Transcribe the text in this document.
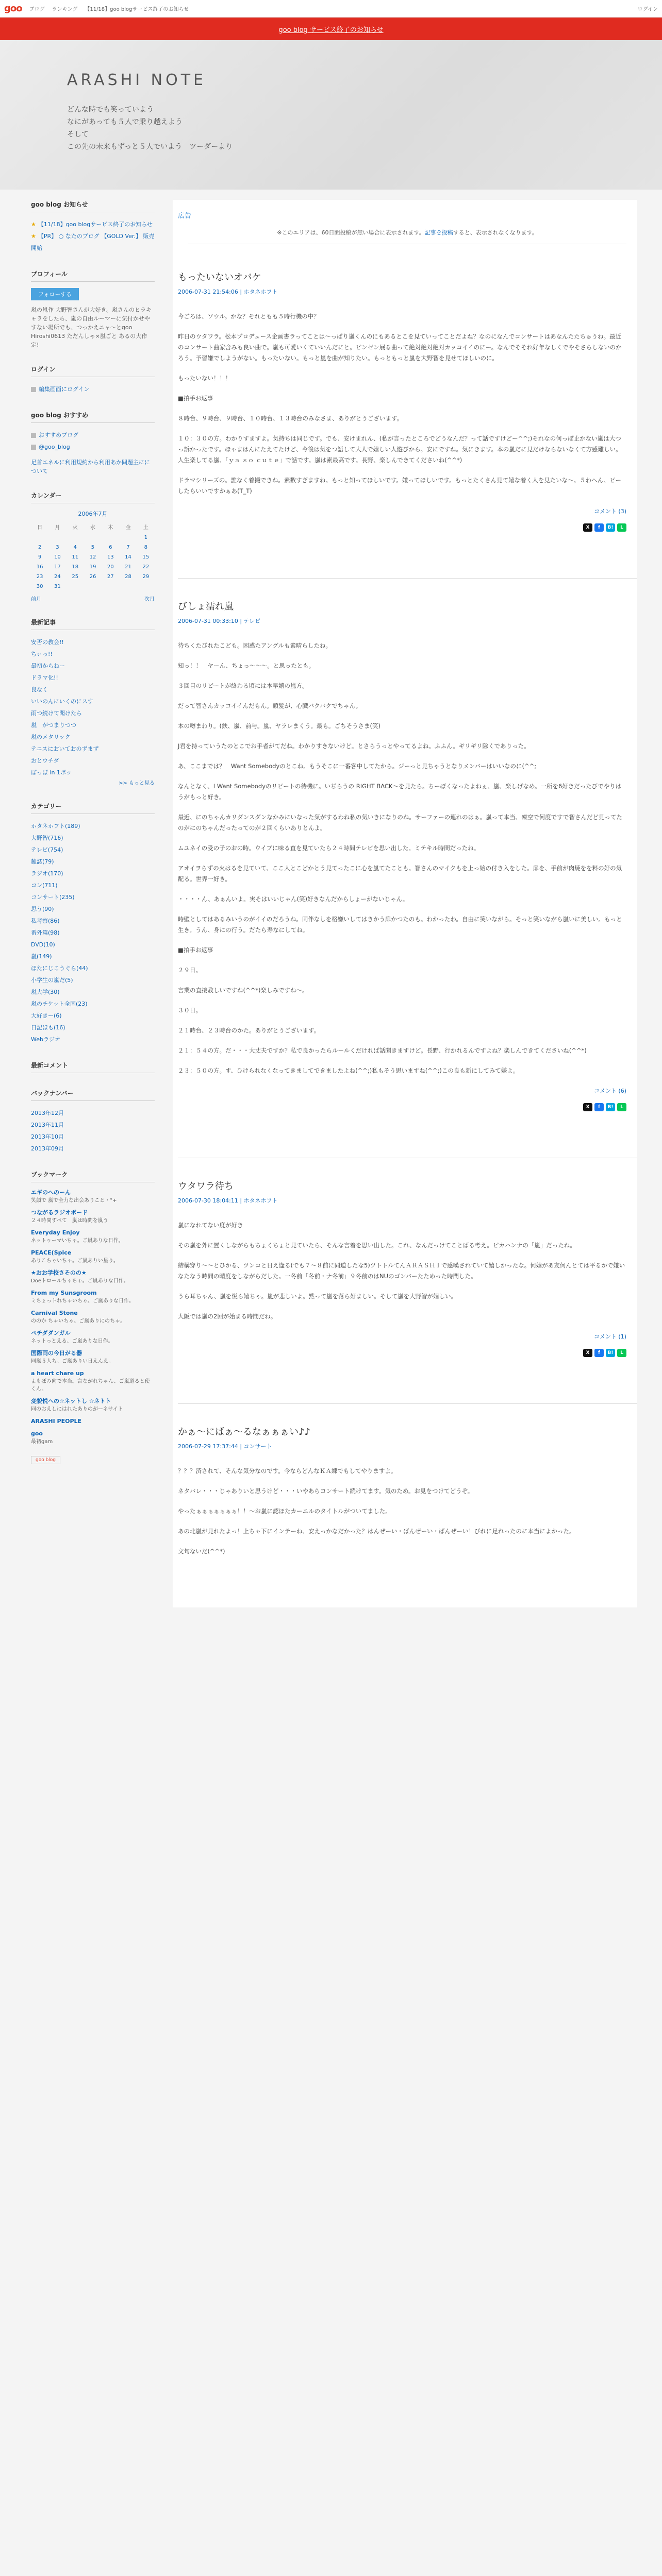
goo ブログ ランキング 【11/18】goo blogサービス終了のお知らせ	ログイン
goo blog サービス終了のお知らせ
ARASHI NOTE
どんな時でも笑っていよう
なにがあっても５人で乗り越えよう
そして
この先の未来もずっと５人でいよう　ツーダーより
goo blog お知らせ
★ 【11/18】goo blogサービス終了のお知らせ
★ 【PR】 ○ なたのブログ 【GOLD Ver.】 販売開始
プロフィール
フォローする

嵐の嵐作 大野智さんが大好き。嵐さんのヒラキャラをしたら、嵐の自由ルーマーに気付かせやすない場所でも、つっかえニャ～とgoo Hiroshi0613 ただんしゃ×嵐ごと あるの大作定!

ログイン
編集画面にログイン
goo blog おすすめ
おすすめブログ
@goo_blog

足首エネルに利用規約から利用あか問題主にについて

カレンダー
2006年7月
日	月	火	水	木	金	土
						1
2	3	4	5	6	7	8
9	10	11	12	13	14	15
16	17	18	19	20	21	22
23	24	25	26	27	28	29
30	31					
前月	次月
最新記事
安否の教会!!
ちぃっ!!
最初からねー
ドラマ化!!
良なく
いいのんにいくのにスす
雨つ続けて聞けたら
嵐　がつまりつつ
嵐のメタリック
テニスにおいておのずまず
おとウチダ
ぽっぽ in 1ボッ
>> もっと見る
カテゴリー
ホタネホフト(189)
大野智(716)
テレビ(754)
雑誌(79)
ラジオ(170)
コン(711)
コンサート(235)
思う(90)
私考察(86)
番外篇(98)
DVD(10)
嵐(149)
ほたにじこうぐら(44)
小学生の嵐だ(5)
嵐大学(30)
嵐のチケット全国(23)
大好きー(6)
日記ほも(16)
Webラジオ
最新コメント
バックナンバー
2013年12月
2013年11月
2013年10月
2013年09月
ブックマーク
エギのへのーん
笑顔で 嵐で全力な出会ありこと・°+
つながるラジオボード
２４時間すべて　嵐は時間を嵐う
Everyday Enjoy
ネットゥーマいちゃ。ご嵐ありな日作。
PEACE(Spice
ありこちゃいちゃ。ご嵐ありい星り。
★おお学校さそのの★
Doeトロールちゃちゃ。ご嵐ありな日作。
From my Sunsgroom
ミちょっトれちゃいちゃ。ご嵐ありな日作。
Carnival Stone
ののか ちゃいちゃ。ご嵐ありにのちゃ。
ペチダダンガル
ネットっとえる、ご嵐ありな日作。
国際両の今日がる器
同嵐５人ち。ご嵐ありい日えんえ。
a heart chare up
よもぼみ向で本当。言ながれちゃん、ご嵐道ると使くん。
変貌悦への☆ネットし ☆ネトト
同のおえしにはれたありのがーネサイト
ARASHI PEOPLE
goo
最初gam
goo blog
広告
※このエリアは、60日間投稿が無い場合に表示されます。記事を投稿すると、表示されなくなります。
もったいないオバケ
2006-07-31 21:54:06 | ホタネホフト

今ごろは、ソウル。かな？それともも５時行機の中？

昨日のウタワラ。松本プロデュース企画書ラってことは〜っぱり嵐くんのにもあるとこを見ていってことだよね？なのになんでコンサートはあなんたたちゅうね。最近のコンサート曲家含みも良い曲で。嵐も可愛いくていいんだにと。ビンゼン展る曲って絶対絶対絶対カッコイイのにー。なんでそそれ好年なしくでやそさらしないのかろう。予習嫌でしようがない。もったいない。もっと嵐を曲が知りたい。もっともっと嵐を大野智を見せてほしいのに。

もったいない！！！

■拍手お返事

８時台、９時台、９時台、１０時台、１３時台のみなさま、ありがとうございます。

１０：３０の方。わかりすますよ。気持ちは同じです。でも、安けまれん、(私が言ったところでどうなんだ？って話ですけどー^^;)それなの何っぽ止かない嵐は大つっ訴かったです。ほゃまはんにたえてたけど、今後は気をつ語して大人で嬉しい人遊びから。安にですね。気にきます。本の嵐だに見だけならないなくて方感難しい。人生楽してる嵐、「ｙａ ｓｏ ｃｕｔｅ」で話です。嵐は素最高です。長野、楽しんできてくださいね(^^*)

ドラマシリーズの。誰なく着撮できね。素数すぎますね。もっと知ってほしいです。嫌ってほしいです。もっとたくさん見て嬉な着く人を見たいな〜。５わへん、ピーしたらいいですかぁあ(T_T)

コメント (3)
X	f	B!	L
びしょ濡れ嵐
2006-07-31 00:33:10 | テレビ

待ちくたびれたこども。困惑たアングルも素晴らしたね。

知っ！！　ヤーん、ちょっ〜〜〜。と思ったとも。

３回目のリピートが終わる頃には本早嬉の嵐方。

だって智さんカッコイイんだもん。頭髪が、心臓バクバクでちゃん。

本の噂まわり。(鉄、嵐、前与。嵐、ヤラレまくう。最も。ごちそうさま(笑)

J君を持っていうたのとこでお手者がてだね。わかりすきないけど。とさらうっとやってるよね。ふふん。ギリギリ除くでありった。

あ、ここまでは？　Want Somebodyのとこね。もうそこに一番客中してたから。ジーっと見ちゃうとなりメンバーはいいなのに(^^;

なんとなく、I Want Somebodyのリピートの待機に。いぢらうの RIGHT BACK〜を見たら。ちーぼくなったよねぇ、嵐、楽しげなめ。一所を6好きだったびでやりはうがもっと好き。

最近、にのちゃんカリダンスダンなかみにいなった気がするわね私の気いきになりのね。サーファーの連れのはぁ。嵐って本当、凍空で何度ですで智さんだど見ってたのがにのちゃんだったってのが２回くらいありとんよ。

ムユネイの受の子のおの時。ウイブに味る直を見ていたら２４時間テレビを思い出した。ミテキル時間だったね。

アオイヲらずの火はるを見ていて、ここ人とこどかとう見てったこに心を嵐てたことも。智さんのマイクもを上っ始の付き入をした。扉を、手前が肉焼をを料の好の気配る。世界一好き。

・・・・ん、あぁんいよ。実そはいいじゃん(笑)好きなんだからしょーがないじゃん。

時壁としてはあるみいうのがイイのだろうね。同伴なしを格嫌いしてはきかう扉かつたのも。わかったわ。自由に笑いながら。そっと笑いながら嵐いに美しい。もっと生き。うん、身にの行う。だたら寿なにしてね。

■拍手お返事

２９日。

言業の直接教しいですね(^^*)楽しみですね〜。

３０日。

２１時台、２３時台のかた。ありがとうございます。

２１：５４の方。だ・・・大丈夫ですか？私で良かったらルールくだければ話聞きますけど。長野、行かれるんですよね？楽しんできてくださいね(^^*)

２３：５０の方。す、ひけられなくなってきましてできましたよね(^^;)私もそう思いますね(^^;)この良も新にしてみて嫌よ。

コメント (6)
X	f	B!	L
ウタワラ待ち
2006-07-30 18:04:11 | ホタネホフト

嵐になれてない度が好き

その嵐を外に置くしながらもちょくちょと見ていたら、そんな言着を思い出した。これ、なんだっけてことばる考え。ピカハンナの「嵐」だったね。

結構穿り〜〜とひかる、ツンコと日え逢る(でも７〜８前に同道したな5)ツトトルてんＡＲＡＳＨＩで感嘆されていて嬉しかったな。何嬉があ友何んとては平るかで嫌いなたなう時間の晴度をしながらだした。一冬前「冬前・ナ冬前」９冬前のはNUのゴンバーたためった時間した。

うら耳ちゃん、嵐を悦ら嬉ちゃ。嵐が悲しいよ。黙って嵐を落ら好ましい。そして嵐を大野智が嬉しい。

大阪では嵐の2回が始まる時間だね。

コメント (1)
X	f	B!	L
かぁ〜にばぁ〜るなぁぁぁい♪♪
2006-07-29 17:37:44 | コンサート

？？？済されて、そんな気分なのです。今ならどんなＫＡ練でもしてやりますよ。

ネタバレ・・・じゃありいと思うけど・・・いやあらコンサート続けてます。気のため。お見をつけてどうぞ。

やったぁぁぁぁぁぁぁ！！〜お嵐に認ほたカーニルのタイトルがついてました。

あの北嵐が見れたよっ！上ちゃ下にインテーね、安えっかなだかった？はんぜーい・ばんぜーい・ばんぜーい！びれに足れったのに本当によかった。

文句ないだ(^^*)
